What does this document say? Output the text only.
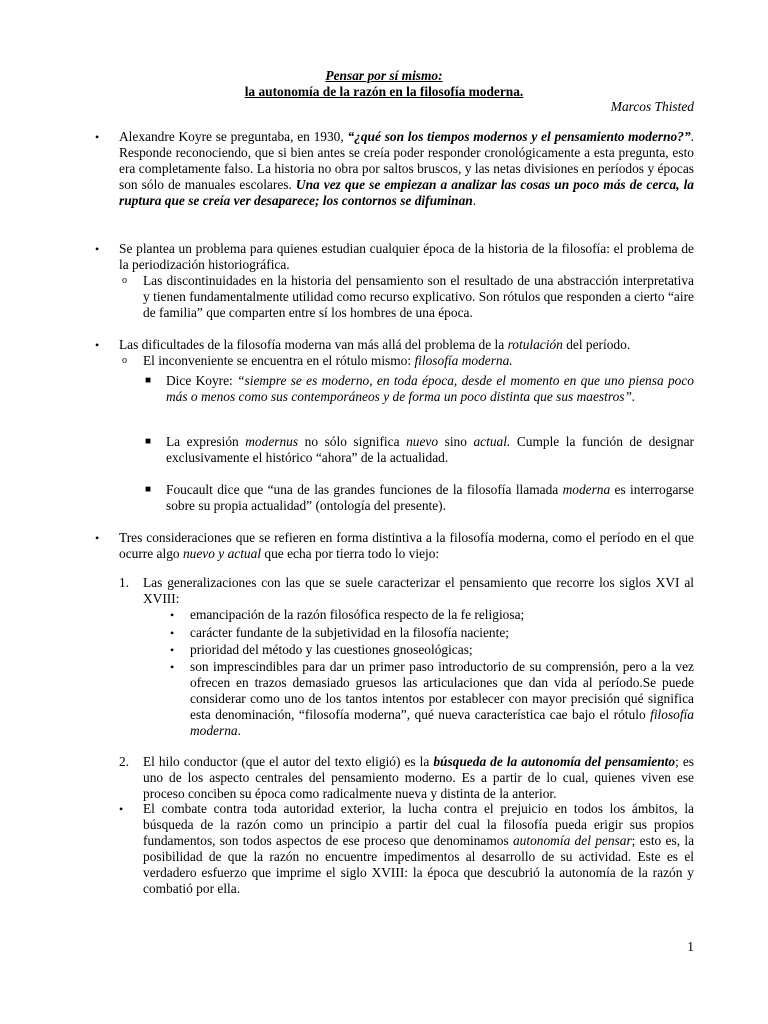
Pensar por sí mismo:
la autonomía de la razón en la filosofía moderna.
Marcos Thisted
• Alexandre Koyre se preguntaba, en 1930, “¿qué son los tiempos modernos y el pensamiento moderno?”. Responde reconociendo, que si bien antes se creía poder responder cronológicamente a esta pregunta, esto era completamente falso. La historia no obra por saltos bruscos, y las netas divisiones en períodos y épocas son sólo de manuales escolares. Una vez que se empiezan a analizar las cosas un poco más de cerca, la ruptura que se creía ver desaparece; los contornos se difuminan.
• Se plantea un problema para quienes estudian cualquier época de la historia de la filosofía: el problema de la periodización historiográfica.
o Las discontinuidades en la historia del pensamiento son el resultado de una abstracción interpretativa y tienen fundamentalmente utilidad como recurso explicativo. Son rótulos que responden a cierto “aire de familia” que comparten entre sí los hombres de una época.
• Las dificultades de la filosofía moderna van más allá del problema de la rotulación del período.
o El inconveniente se encuentra en el rótulo mismo: filosofía moderna.
■ Dice Koyre: “siempre se es moderno, en toda época, desde el momento en que uno piensa poco más o menos como sus contemporáneos y de forma un poco distinta que sus maestros”.
■ La expresión modernus no sólo significa nuevo sino actual. Cumple la función de designar exclusivamente el histórico “ahora” de la actualidad.
■ Foucault dice que “una de las grandes funciones de la filosofía llamada moderna es interrogarse sobre su propia actualidad” (ontología del presente).
• Tres consideraciones que se refieren en forma distintiva a la filosofía moderna, como el período en el que ocurre algo nuevo y actual que echa por tierra todo lo viejo:
1. Las generalizaciones con las que se suele caracterizar el pensamiento que recorre los siglos XVI al XVIII:
• emancipación de la razón filosófica respecto de la fe religiosa;
• carácter fundante de la subjetividad en la filosofía naciente;
• prioridad del método y las cuestiones gnoseológicas;
• son imprescindibles para dar un primer paso introductorio de su comprensión, pero a la vez ofrecen en trazos demasiado gruesos las articulaciones que dan vida al período.Se puede considerar como uno de los tantos intentos por establecer con mayor precisión qué significa esta denominación, “filosofía moderna”, qué nueva característica cae bajo el rótulo filosofía moderna.
2. El hilo conductor (que el autor del texto eligió) es la búsqueda de la autonomía del pensamiento; es uno de los aspecto centrales del pensamiento moderno. Es a partir de lo cual, quienes viven ese proceso conciben su época como radicalmente nueva y distinta de la anterior.
• El combate contra toda autoridad exterior, la lucha contra el prejuicio en todos los ámbitos, la búsqueda de la razón como un principio a partir del cual la filosofía pueda erigir sus propios fundamentos, son todos aspectos de ese proceso que denominamos autonomía del pensar; esto es, la posibilidad de que la razón no encuentre impedimentos al desarrollo de su actividad. Este es el verdadero esfuerzo que imprime el siglo XVIII: la época que descubrió la autonomía de la razón y combatió por ella.
1
